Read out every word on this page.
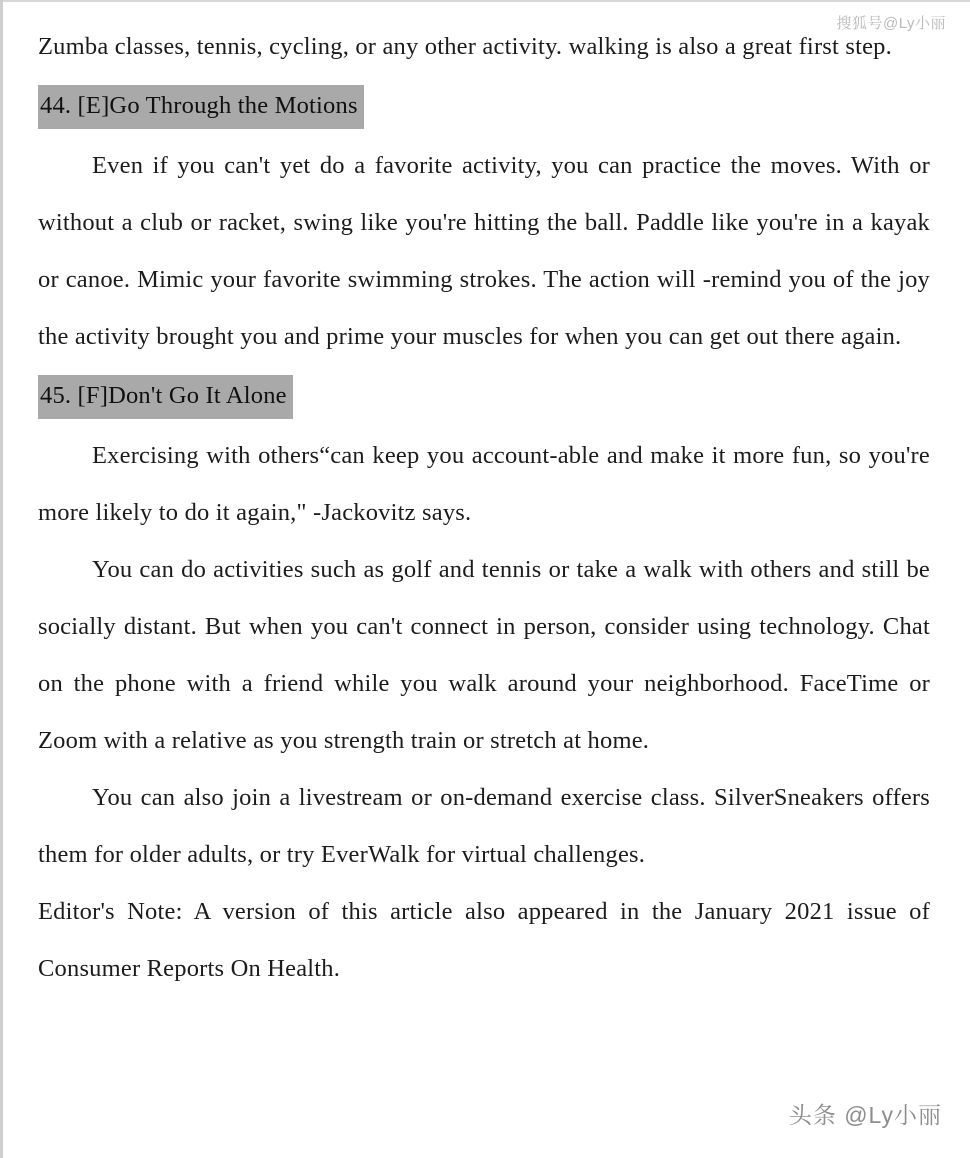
搜狐号@Ly小丽

Zumba classes, tennis, cycling, or any other activity. walking is also a great first step.

44. [E]Go Through the Motions

Even if you can't yet do a favorite activity, you can practice the moves. With or without a club or racket, swing like you're hitting the ball. Paddle like you're in a kayak or canoe. Mimic your favorite swimming strokes. The action will -remind you of the joy the activity brought you and prime your muscles for when you can get out there again.

45. [F]Don't Go It Alone

Exercising with others“can keep you account-able and make it more fun, so you're more likely to do it again," -Jackovitz says.

You can do activities such as golf and tennis or take a walk with others and still be socially distant. But when you can't connect in person, consider using technology. Chat on the phone with a friend while you walk around your neighborhood. FaceTime or Zoom with a relative as you strength train or stretch at home.

You can also join a livestream or on-demand exercise class. SilverSneakers offers them for older adults, or try EverWalk for virtual challenges.

Editor's Note: A version of this article also appeared in the January 2021 issue of Consumer Reports On Health.

头条 @Ly小丽
